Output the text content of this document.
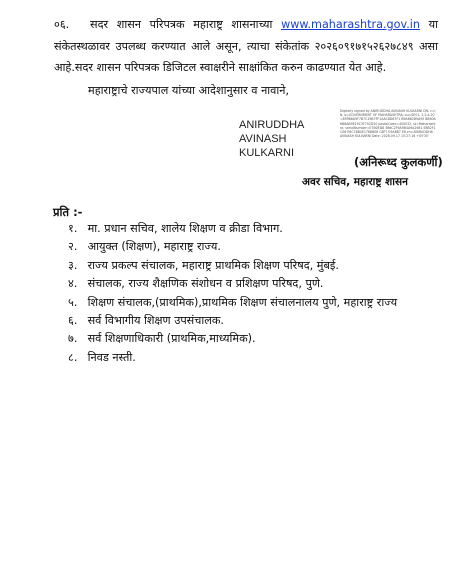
०६. सदर शासन परिपत्रक महाराष्ट्र शासनाच्या www.maharashtra.gov.in या संकेतस्थळावर उपलब्ध करण्यात आले असून, त्याचा संकेतांक २०२६०९१७१५२६२७८४९ असा आहे.सदर शासन परिपत्रक डिजिटल स्वाक्षरीने साक्षांकित करुन काढण्यात येत आहे.
महाराष्ट्राचे राज्यपाल यांच्या आदेशानुसार व नावाने,
ANIRUDDHA
AVINASH
KULKARNI
Digitally signed by ANIRUDDHA AVINASH KULKARNI DN: c=IN, o=GOVERNMENT OF MAHARASHTRA, ou=SE01, 2.5.4.20=89986A9F7B7C19B7FF1AAC8D87F1 B9A662B9A95 8B60A6B8AB9E19C3F702D20 postalCode=400032, st=Maharashtra, serialNumber=E7B0ED8 3B6C2F9A9B4A9A2981 E8B2F1C06 E8C78B4E1768B08 C8F7 E9A8B7 E8 cn=ANIRUDDHA AVINASH KULKARNI Date: 2026.09.17 15:27:16 +05'30'
(अनिरूध्द कुलकर्णी)
अवर सचिव, महाराष्ट्र शासन
प्रति :-
१. मा. प्रधान सचिव, शालेय शिक्षण व क्रीडा विभाग.
२. आयुक्त (शिक्षण), महाराष्ट्र राज्य.
३. राज्य प्रकल्प संचालक, महाराष्ट्र प्राथमिक शिक्षण परिषद, मुंबई.
४. संचालक, राज्य शैक्षणिक संशोधन व प्रशिक्षण परिषद, पुणे.
५. शिक्षण संचालक,(प्राथमिक),प्राथमिक शिक्षण संचालनालय पुणे, महाराष्ट्र राज्य
६. सर्व विभागीय शिक्षण उपसंचालक.
७. सर्व शिक्षणाधिकारी (प्राथमिक,माध्यमिक).
८. निवड नस्ती.
